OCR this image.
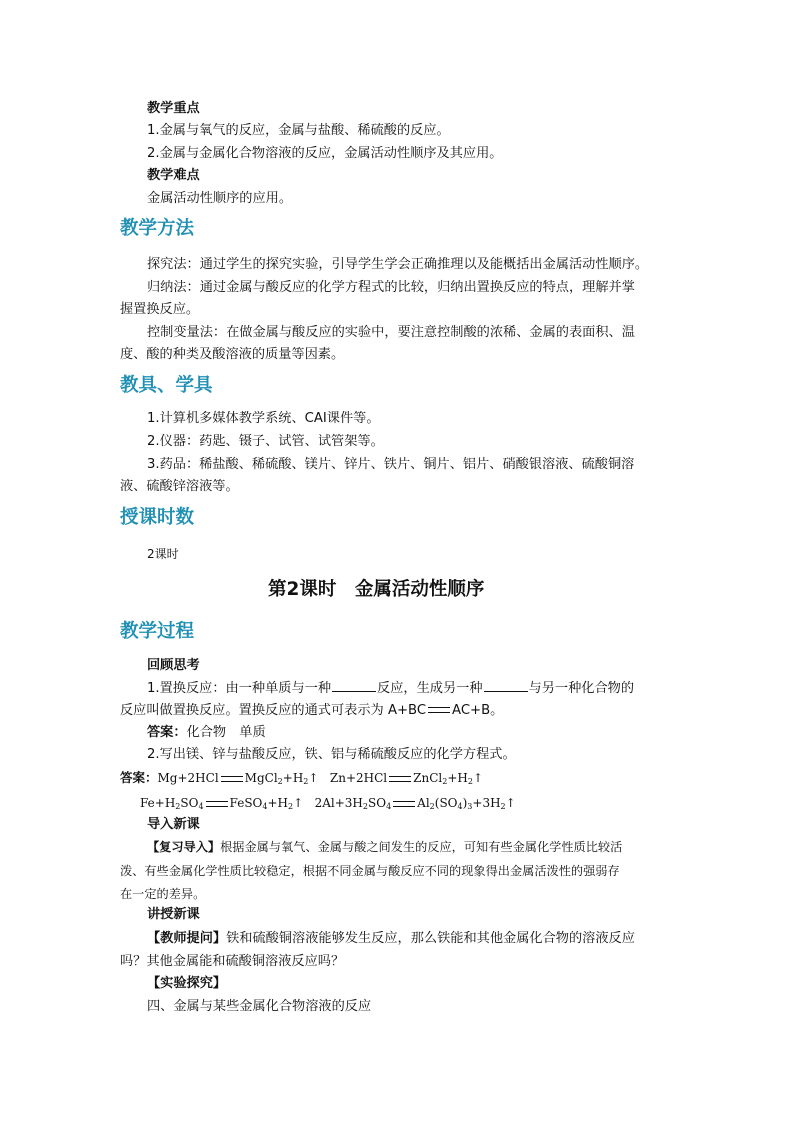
教学重点
1.金属与氧气的反应，金属与盐酸、稀硫酸的反应。
2.金属与金属化合物溶液的反应，金属活动性顺序及其应用。
教学难点
金属活动性顺序的应用。
教学方法
探究法：通过学生的探究实验，引导学生学会正确推理以及能概括出金属活动性顺序。
归纳法：通过金属与酸反应的化学方程式的比较，归纳出置换反应的特点，理解并掌
握置换反应。
控制变量法：在做金属与酸反应的实验中，要注意控制酸的浓稀、金属的表面积、温
度、酸的种类及酸溶液的质量等因素。
教具、学具
1.计算机多媒体教学系统、CAI课件等。
2.仪器：药匙、镊子、试管、试管架等。
3.药品：稀盐酸、稀硫酸、镁片、锌片、铁片、铜片、铝片、硝酸银溶液、硫酸铜溶
液、硫酸锌溶液等。
授课时数
2课时
第2课时　金属活动性顺序
教学过程
回顾思考
1.置换反应：由一种单质与一种	反应，生成另一种	与另一种化合物的
反应叫做置换反应。置换反应的通式可表示为 A+BC AC+B。
答案：化合物　单质
2.写出镁、锌与盐酸反应，铁、铝与稀硫酸反应的化学方程式。
答案：Mg+2HCl $MgCl_2+H_2↑$   Zn+2HCl $ZnCl_2+H_2↑$
$Fe+H_2SO_4$ $FeSO_4+H_2↑$   $2Al+3H_2SO_4$ $Al_2(SO_4)_3+3H_2↑$
导入新课
【复习导入】根据金属与氧气、金属与酸之间发生的反应，可知有些金属化学性质比较活
泼、有些金属化学性质比较稳定，根据不同金属与酸反应不同的现象得出金属活泼性的强弱存
在一定的差异。
讲授新课
【教师提问】铁和硫酸铜溶液能够发生反应，那么铁能和其他金属化合物的溶液反应
吗？其他金属能和硫酸铜溶液反应吗？
【实验探究】
四、金属与某些金属化合物溶液的反应
